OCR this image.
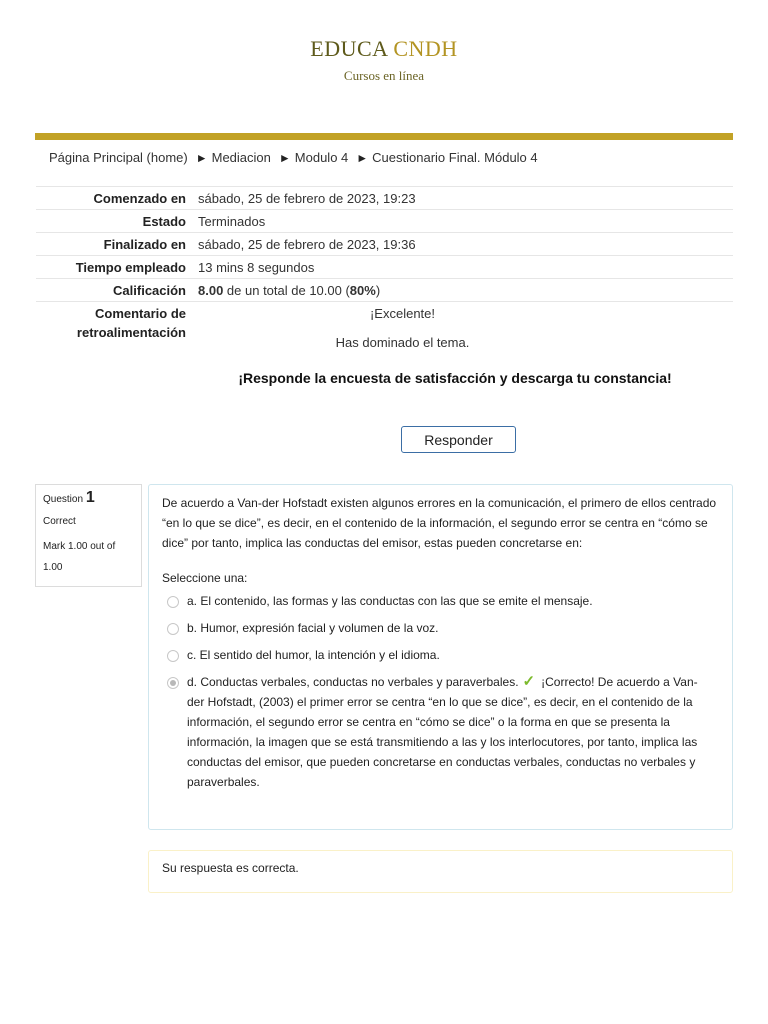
EDUCA CNDH
Cursos en línea
Página Principal (home) ► Mediacion ► Modulo 4 ► Cuestionario Final. Módulo 4
Comenzado en	sábado, 25 de febrero de 2023, 19:23
Estado	Terminados
Finalizado en	sábado, 25 de febrero de 2023, 19:36
Tiempo empleado	13 mins 8 segundos
Calificación	8.00 de un total de 10.00 (80%)
Comentario de retroalimentación	¡Excelente!
Has dominado el tema.
¡Responde la encuesta de satisfacción y descarga tu constancia!
Responder
Question 1
Correct
Mark 1.00 out of 1.00
De acuerdo a Van-der Hofstadt existen algunos errores en la comunicación, el primero de ellos centrado “en lo que se dice”, es decir, en el contenido de la información, el segundo error se centra en “cómo se dice” por tanto, implica las conductas del emisor, estas pueden concretarse en:
Seleccione una:
a. El contenido, las formas y las conductas con las que se emite el mensaje.
b. Humor, expresión facial y volumen de la voz.
c. El sentido del humor, la intención y el idioma.
d. Conductas verbales, conductas no verbales y paraverbales. ✓ ¡Correcto! De acuerdo a Van-der Hofstadt, (2003) el primer error se centra “en lo que se dice”, es decir, en el contenido de la información, el segundo error se centra en “cómo se dice” o la forma en que se presenta la información, la imagen que se está transmitiendo a las y los interlocutores, por tanto, implica las conductas del emisor, que pueden concretarse en conductas verbales, conductas no verbales y paraverbales.
Su respuesta es correcta.
